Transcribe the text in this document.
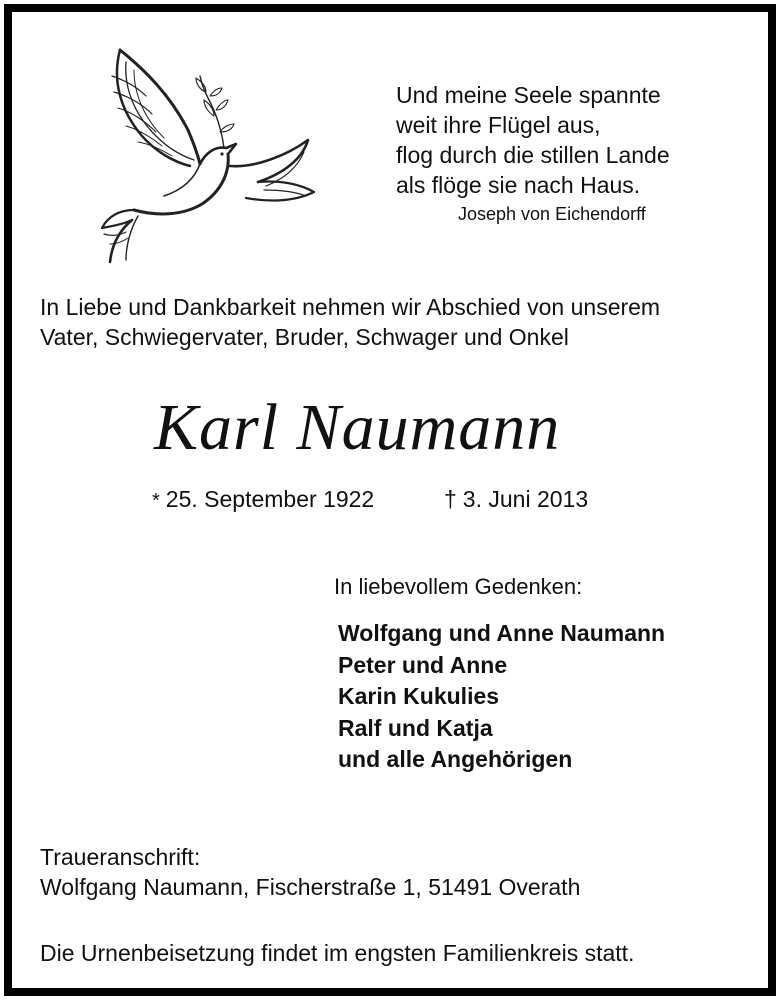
Und meine Seele spannte
weit ihre Flügel aus,
flog durch die stillen Lande
als flöge sie nach Haus.
Joseph von Eichendorff
In Liebe und Dankbarkeit nehmen wir Abschied von unserem
Vater, Schwiegervater, Bruder, Schwager und Onkel
Karl Naumann
* 25. September 1922	† 3. Juni 2013
In liebevollem Gedenken:
Wolfgang und Anne Naumann
Peter und Anne
Karin Kukulies
Ralf und Katja
und alle Angehörigen
Traueranschrift:
Wolfgang Naumann, Fischerstraße 1, 51491 Overath
Die Urnenbeisetzung findet im engsten Familienkreis statt.
